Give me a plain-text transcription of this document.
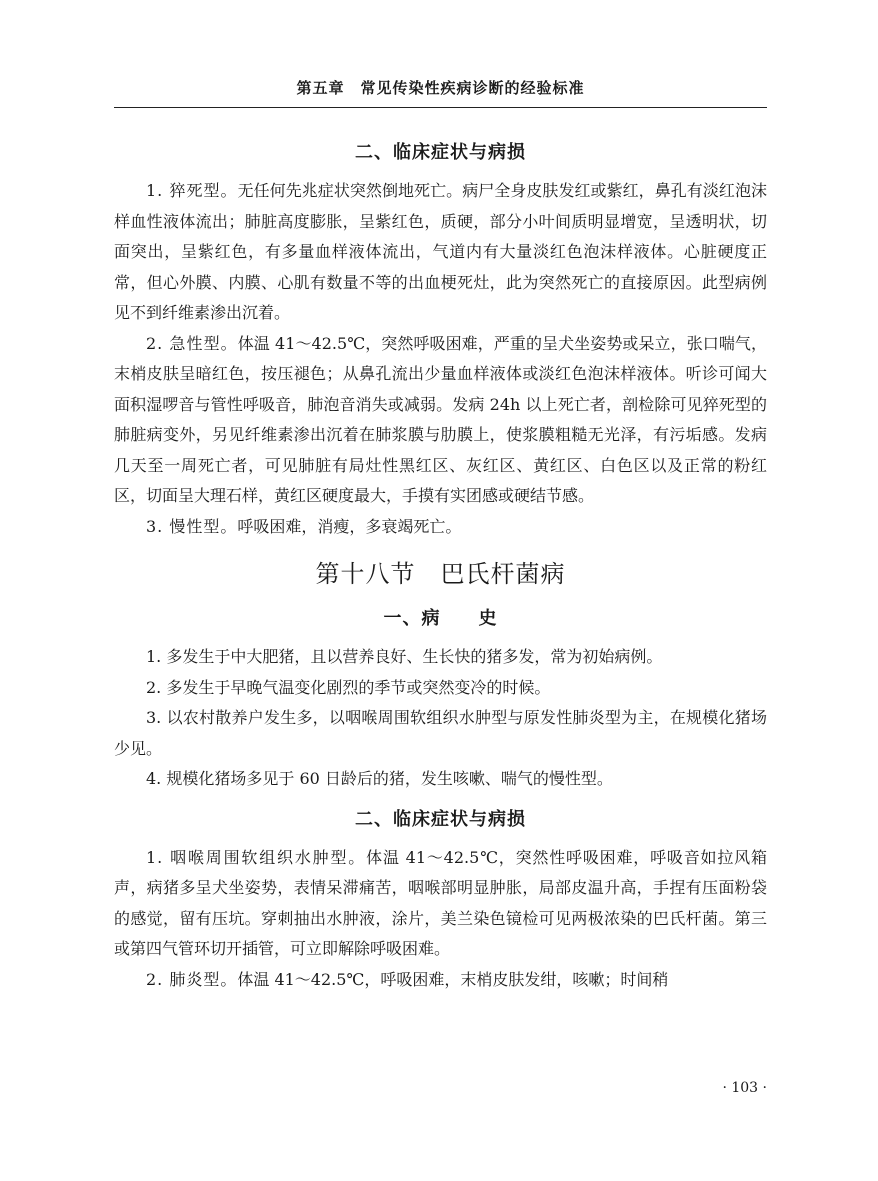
第五章　常见传染性疾病诊断的经验标准
二、临床症状与病损

1. 猝死型。无任何先兆症状突然倒地死亡。病尸全身皮肤发红或紫红，鼻孔有淡红泡沫样血性液体流出；肺脏高度膨胀，呈紫红色，质硬，部分小叶间质明显增宽，呈透明状，切面突出，呈紫红色，有多量血样液体流出，气道内有大量淡红色泡沫样液体。心脏硬度正常，但心外膜、内膜、心肌有数量不等的出血梗死灶，此为突然死亡的直接原因。此型病例见不到纤维素渗出沉着。

2. 急性型。体温 41～42.5℃，突然呼吸困难，严重的呈犬坐姿势或呆立，张口喘气，末梢皮肤呈暗红色，按压褪色；从鼻孔流出少量血样液体或淡红色泡沫样液体。听诊可闻大面积湿啰音与管性呼吸音，肺泡音消失或减弱。发病 24h 以上死亡者，剖检除可见猝死型的肺脏病变外，另见纤维素渗出沉着在肺浆膜与肋膜上，使浆膜粗糙无光泽，有污垢感。发病几天至一周死亡者，可见肺脏有局灶性黑红区、灰红区、黄红区、白色区以及正常的粉红区，切面呈大理石样，黄红区硬度最大，手摸有实团感或硬结节感。

3. 慢性型。呼吸困难，消瘦，多衰竭死亡。

第十八节　巴氏杆菌病
一、病　　史

1. 多发生于中大肥猪，且以营养良好、生长快的猪多发，常为初始病例。

2. 多发生于早晚气温变化剧烈的季节或突然变冷的时候。

3. 以农村散养户发生多，以咽喉周围软组织水肿型与原发性肺炎型为主，在规模化猪场少见。

4. 规模化猪场多见于 60 日龄后的猪，发生咳嗽、喘气的慢性型。

二、临床症状与病损

1. 咽喉周围软组织水肿型。体温 41～42.5℃，突然性呼吸困难，呼吸音如拉风箱声，病猪多呈犬坐姿势，表情呆滞痛苦，咽喉部明显肿胀，局部皮温升高，手捏有压面粉袋的感觉，留有压坑。穿刺抽出水肿液，涂片，美兰染色镜检可见两极浓染的巴氏杆菌。第三或第四气管环切开插管，可立即解除呼吸困难。

2. 肺炎型。体温 41～42.5℃，呼吸困难，末梢皮肤发绀，咳嗽；时间稍

· 103 ·
